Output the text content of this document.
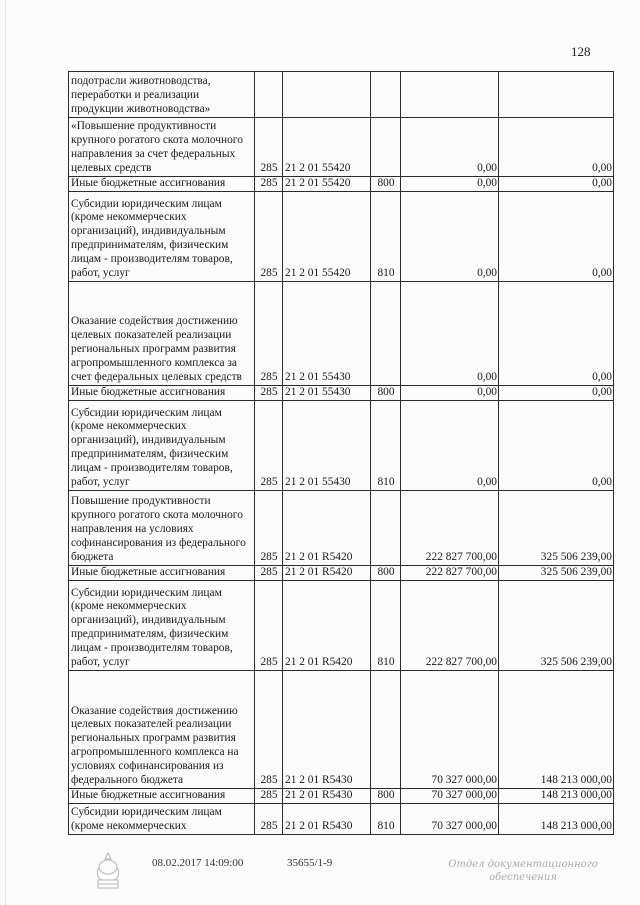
128
подотрасли животноводства, переработки и реализации продукции животноводства»					
«Повышение продуктивности крупного рогатого скота молочного направления за счет федеральных целевых средств	285	21 2 01 55420		0,00	0,00
Иные бюджетные ассигнования	285	21 2 01 55420	800	0,00	0,00
Субсидии юридическим лицам (кроме некоммерческих организаций), индивидуальным предпринимателям, физическим лицам - производителям товаров, работ, услуг	285	21 2 01 55420	810	0,00	0,00
Оказание содействия достижению целевых показателей реализации региональных программ развития агропромышленного комплекса за счет федеральных целевых средств	285	21 2 01 55430		0,00	0,00
Иные бюджетные ассигнования	285	21 2 01 55430	800	0,00	0,00
Субсидии юридическим лицам (кроме некоммерческих организаций), индивидуальным предпринимателям, физическим лицам - производителям товаров, работ, услуг	285	21 2 01 55430	810	0,00	0,00
Повышение продуктивности крупного рогатого скота молочного направления на условиях софинансирования из федерального бюджета	285	21 2 01 R5420		222 827 700,00	325 506 239,00
Иные бюджетные ассигнования	285	21 2 01 R5420	800	222 827 700,00	325 506 239,00
Субсидии юридическим лицам (кроме некоммерческих организаций), индивидуальным предпринимателям, физическим лицам - производителям товаров, работ, услуг	285	21 2 01 R5420	810	222 827 700,00	325 506 239,00
Оказание содействия достижению целевых показателей реализации региональных программ развития агропромышленного комплекса на условиях софинансирования из федерального бюджета	285	21 2 01 R5430		70 327 000,00	148 213 000,00
Иные бюджетные ассигнования	285	21 2 01 R5430	800	70 327 000,00	148 213 000,00
Субсидии юридическим лицам (кроме некоммерческих	285	21 2 01 R5430	810	70 327 000,00	148 213 000,00
08.02.2017 14:09:00	35655/1-9	Отдел документационного обеспечения
